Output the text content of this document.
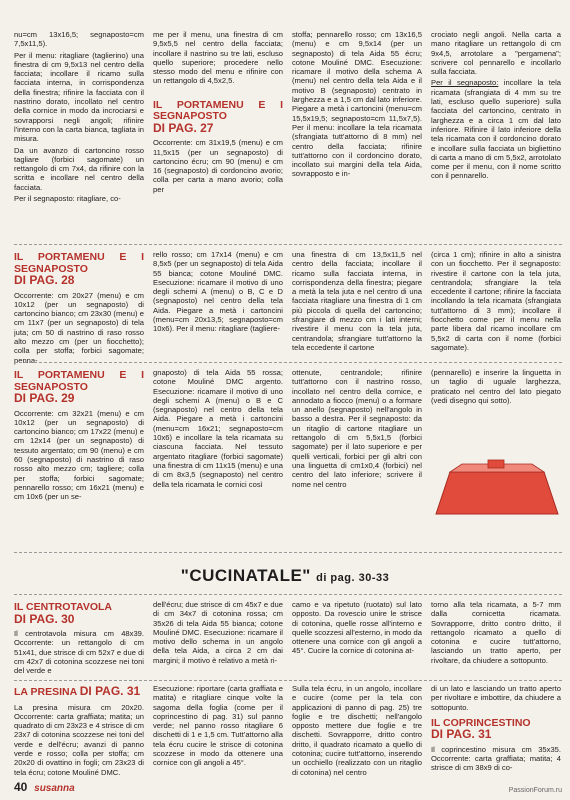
nu=cm 13x16,5; segnaposto=cm 7,5x11,5).

Per il menu: ritagliare (taglierino) una finestra di cm 9,5x13 nel centro della facciata; incollare il ricamo sulla facciata interna, in corrispondenza della finestra; rifinire la facciata con il nastrino dorato, incollato nel centro della cornice in modo da incrociarsi e sovrapporsi negli angoli; rifinire l'interno con la carta bianca, tagliata in misura.

Da un avanzo di cartoncino rosso tagliare (forbici sagomate) un rettangolo di cm 7x4, da rifinire con la scritta e incollare nel centro della facciata.

Per il segnaposto: ritagliare, co-

me per il menu, una finestra di cm 9,5x5,5 nel centro della facciata; incollare il nastrino su tre lati, escluso quello superiore; procedere nello stesso modo del menu e rifinire con un rettangolo di 4,5x2,5.

IL PORTAMENU E I SEGNAPOSTO
DI PAG. 27

Occorrente: cm 31x19,5 (menu) e cm 11,5x15 (per un segnaposto) di cartoncino écru; cm 90 (menu) e cm 16 (segnaposto) di cordoncino avorio; colla per carta a mano avorio; colla per

stoffa; pennarello rosso; cm 13x16,5 (menu) e cm 9,5x14 (per un segnaposto) di tela Aida 55 écru; cotone Mouliné DMC. Esecuzione: ricamare il motivo della schema A (menu) nel centro della tela Aida e il motivo B (segnaposto) centrato in larghezza e a 1,5 cm dal lato inferiore. Piegare a metà i cartoncini (menu=cm 15,5x19,5; segnaposto=cm 11,5x7,5). Per il menu: incollare la tela ricamata (sfrangiata tutt'attorno di 8 mm) nel centro della facciata; rifinire tutt'attorno con il cordoncino dorato, incollato sui margini della tela Aida, sovrapposto e in-

crociato negli angoli. Nella carta a mano ritagliare un rettangolo di cm 9x4,5, arrotolare a "pergamena"; scrivere col pennarello e incollarlo sulla facciata.

Per il segnaposto: incollare la tela ricamata (sfrangiata di 4 mm su tre lati, escluso quello superiore) sulla facciata del cartoncino, centrato in larghezza e a circa 1 cm dal lato inferiore. Rifinire il lato inferiore della tela ricamata con il cordoncino dorato e incollare sulla facciata un bigliettino di carta a mano di cm 5,5x2, arrotolato come per il menu, con il nome scritto con il pennarello.

IL PORTAMENU E I SEGNAPOSTO
DI PAG. 28

Occorrente: cm 20x27 (menu) e cm 10x12 (per un segnaposto) di cartoncino bianco; cm 23x30 (menu) e cm 11x7 (per un segnaposto) di tela juta; cm 50 di nastrino di raso rosso alto mezzo cm (per un fiocchetto); colla per stoffa; forbici sagomate; penna-

rello rosso; cm 17x14 (menu) e cm 8,5x5 (per un segnaposto) di tela Aida 55 bianca; cotone Mouliné DMC. Esecuzione: ricamare il motivo di uno degli schemi A (menu) o B, C e D (segnaposto) nel centro della tela Aida. Piegare a metà i cartoncini (menu=cm 20x13,5; segnaposto=cm 10x6). Per il menu: ritagliare (tagliere-

una finestra di cm 13,5x11,5 nel centro della facciata; incollare il ricamo sulla facciata interna, in corrispondenza della finestra; piegare a metà la tela juta e nel centro di una facciata ritagliare una finestra di 1 cm più piccola di quella del cartoncino; sfrangiare di mezzo cm i lati interni; rivestire il menu con la tela juta, centrandola; sfrangiare tutt'attorno la tela eccedente il cartone

(circa 1 cm); rifinire in alto a sinistra con un fiocchetto. Per il segnaposto: rivestire il cartone con la tela juta, centrandola; sfrangiare la tela eccedente il cartone; rifinire la facciata incollando la tela ricamata (sfrangiata tutt'attorno di 3 mm); incollare il fiocchetto come per il menu nella parte libera dal ricamo incollare cm 5,5x2 di carta con il nome (forbici sagomate).

IL PORTAMENU E I SEGNAPOSTO
DI PAG. 29

Occorrente: cm 32x21 (menu) e cm 10x12 (per un segnaposto) di cartoncino bianco; cm 17x22 (menu) e cm 12x14 (per un segnaposto) di tessuto argentato; cm 90 (menu) e cm 60 (segnaposto) di nastrino di raso rosso alto mezzo cm; tagliere; colla per stoffa; forbici sagomate; pennarello rosso; cm 16x21 (menu) e cm 10x6 (per un se-

gnaposto) di tela Aida 55 rossa; cotone Mouliné DMC argento. Esecuzione: ricamare il motivo di uno degli schemi A (menu) o B e C (segnaposto) nel centro della tela Aida. Piegare a metà i cartoncini (menu=cm 16x21; segnaposto=cm 10x6) e incollare la tela ricamata su ciascuna facciata. Nel tessuto argentato ritagliare (forbici sagomate) una finestra di cm 11x15 (menu) e una di cm 8x3,5 (segnaposto) nel centro della tela ricamata le cornici così

ottenute, centrandole; rifinire tutt'attorno con il nastrino rosso, incollato nel centro della cornice, e annodato a fiocco (menu) o a formare un anello (segnaposto) nell'angolo in basso a destra. Per il segnaposto: da un ritaglio di cartone ritagliare un rettangolo di cm 5,5x1,5 (forbici sagomate) per il lato superiore e per quelli verticali, forbici per gli altri con una linguetta di cm1x0,4 (forbici) nel centro del lato inferiore; scrivere il nome nel centro

(pennarello) e inserire la linguetta in un taglio di uguale larghezza, praticato nel centro del lato piegato (vedi disegno qui sotto).

"CUCINATALE" di pag. 30-33
IL CENTROTAVOLA
DI PAG. 30

Il centrotavola misura cm 48x39. Occorrente: un rettangolo di cm 51x41, due strisce di cm 52x7 e due di cm 42x7 di cotonina scozzese nei toni del verde e

dell'écru; due strisce di cm 45x7 e due di cm 34x7 di cotonina rossa; cm 35x26 di tela Aida 55 bianca; cotone Mouliné DMC. Esecuzione: ricamare il motivo dello schema in un angolo della tela Aida, a circa 2 cm dai margini; il motivo è relativo a metà ri-

camo e va ripetuto (ruotato) sul lato opposto. Da rovescio unire le strisce di cotonina, quelle rosse all'interno e quelle scozzesi all'esterno, in modo da ottenere una cornice con gli angoli a 45°. Cucire la cornice di cotonina at-

torno alla tela ricamata, a 5-7 mm dalla cornicetta ricamata. Sovrapporre, dritto contro dritto, il rettangolo ricamato a quello di cotonina e cucire tutt'attorno, lasciando un tratto aperto, per rivoltare, da chiudere a sottopunto.

LA PRESINA DI PAG. 31

La presina misura cm 20x20. Occorrente: carta graffiata; matita; un quadrato di cm 23x23 e 4 strisce di cm 23x7 di cotonina scozzese nei toni del verde e dell'écru; avanzi di panno verde e rosso; colla per stoffa; cm 20x20 di ovattino in fogli; cm 23x23 di tela écru; cotone Mouliné DMC.

Esecuzione: riportare (carta graffiata e matita) e ritagliare cinque volte la sagoma della foglia (come per il coprincestino di pag. 31) sul panno verde; nel panno rosso ritagliare 6 dischetti di 1 e 1,5 cm. Tutt'attorno alla tela écru cucire le strisce di cotonina scozzese in modo da ottenere una cornice con gli angoli a 45°.

Sulla tela écru, in un angolo, incollare e cucire (come per la tela con applicazioni di panno di pag. 25) tre foglie e tre dischetti; nell'angolo opposto mettere due foglie e tre dischetti. Sovrapporre, dritto contro dritto, il quadrato ricamato a quello di cotonina; cucire tutt'attorno, inserendo un occhiello (realizzato con un ritaglio di cotonina) nel centro

di un lato e lasciando un tratto aperto per rivoltare e imbottire, da chiudere a sottopunto.

IL COPRINCESTINO
DI PAG. 31

Il coprincestino misura cm 35x35. Occorrente: carta graffiata; matita; 4 strisce di cm 38x9 di co-

40 susanna	PassionForum.ru
